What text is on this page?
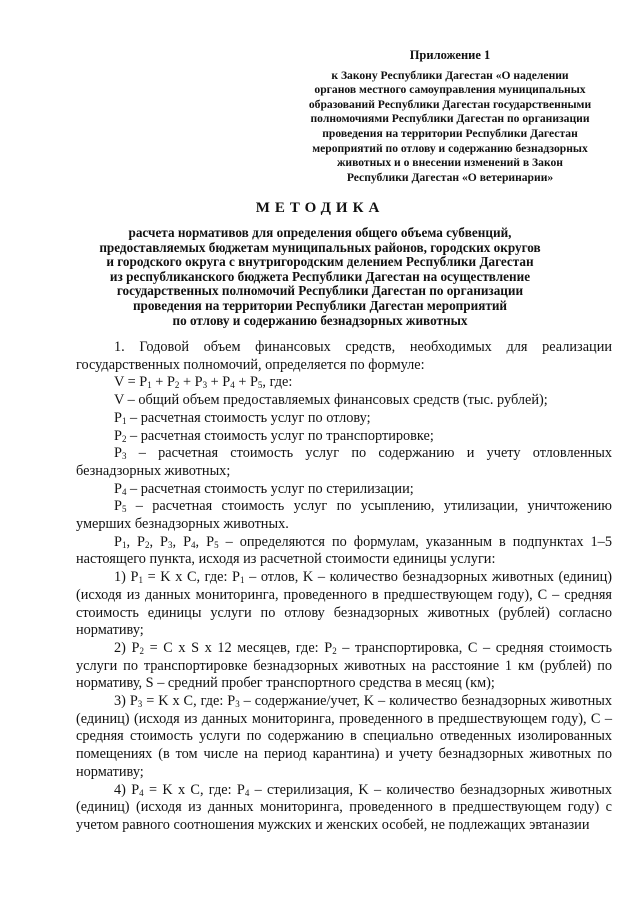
Приложение 1
к Закону Республики Дагестан «О наделении
органов местного самоуправления муниципальных
образований Республики Дагестан государственными
полномочиями Республики Дагестан по организации
проведения на территории Республики Дагестан
мероприятий по отлову и содержанию безнадзорных
животных и о внесении изменений в Закон
Республики Дагестан «О ветеринарии»
МЕТОДИКА
расчета нормативов для определения общего объема субвенций,
предоставляемых бюджетам муниципальных районов, городских округов
и городского округа с внутригородским делением Республики Дагестан
из республиканского бюджета Республики Дагестан на осуществление
государственных полномочий Республики Дагестан по организации
проведения на территории Республики Дагестан мероприятий
по отлову и содержанию безнадзорных животных

1. Годовой объем финансовых средств, необходимых для реализации государственных полномочий, определяется по формуле:

$V = P_1 + P_2 + P_3 + P_4 + P_5$, где:

V – общий объем предоставляемых финансовых средств (тыс. рублей);

$P_1$ – расчетная стоимость услуг по отлову;

$P_2$ – расчетная стоимость услуг по транспортировке;

$P_3$ – расчетная стоимость услуг по содержанию и учету отловленных безнадзорных животных;

$P_4$ – расчетная стоимость услуг по стерилизации;

$P_5$ – расчетная стоимость услуг по усыплению, утилизации, уничтожению умерших безнадзорных животных.

$P_1$, $P_2$, $P_3$, $P_4$, $P_5$ – определяются по формулам, указанным в подпунктах 1–5 настоящего пункта, исходя из расчетной стоимости единицы услуги:

1) $P_1 = K$ x C, где: $P_1$ – отлов, K – количество безнадзорных животных (единиц) (исходя из данных мониторинга, проведенного в предшествующем году), C – средняя стоимость единицы услуги по отлову безнадзорных животных (рублей) согласно нормативу;

2) $P_2 = C$ x S x 12 месяцев, где: $P_2$ – транспортировка, C – средняя стоимость услуги по транспортировке безнадзорных животных на расстояние 1 км (рублей) по нормативу, S – средний пробег транспортного средства в месяц (км);

3) $P_3 = K$ x C, где: $P_3$ – содержание/учет, K – количество безнадзорных животных (единиц) (исходя из данных мониторинга, проведенного в предшествующем году), C – средняя стоимость услуги по содержанию в специально отведенных изолированных помещениях (в том числе на период карантина) и учету безнадзорных животных по нормативу;

4) $P_4 = K$ x C, где: $P_4$ – стерилизация, K – количество безнадзорных животных (единиц) (исходя из данных мониторинга, проведенного в предшествующем году) с учетом равного соотношения мужских и женских особей, не подлежащих эвтаназии
